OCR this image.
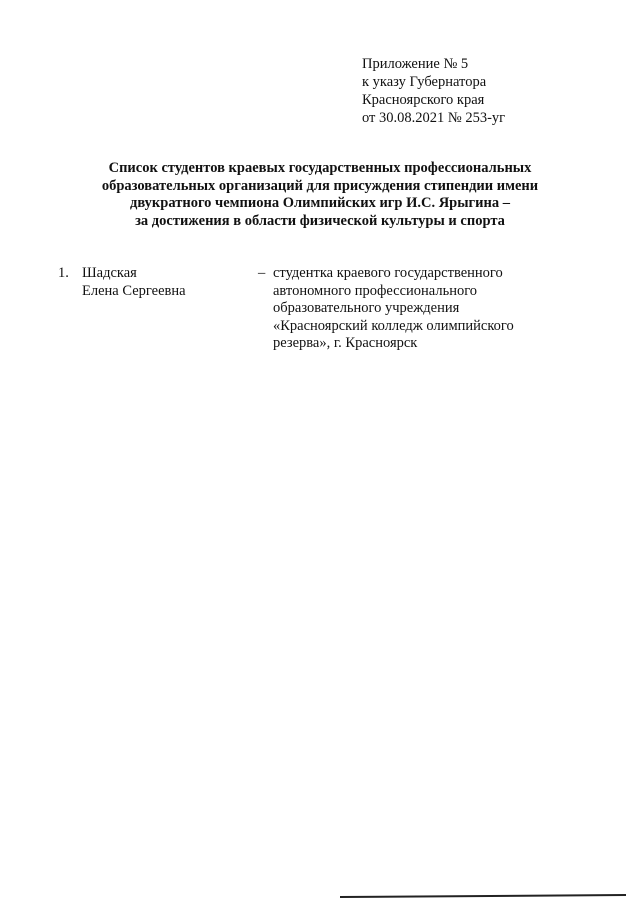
Приложение № 5
к указу Губернатора
Красноярского края
от 30.08.2021 № 253-уг
Список студентов краевых государственных профессиональных
образовательных организаций для присуждения стипендии имени
двукратного чемпиона Олимпийских игр И.С. Ярыгина –
за достижения в области физической культуры и спорта
1. Шадская
Елена Сергеевна
– студентка краевого государственного
автономного профессионального
образовательного учреждения
«Красноярский колледж олимпийского
резерва», г. Красноярск
